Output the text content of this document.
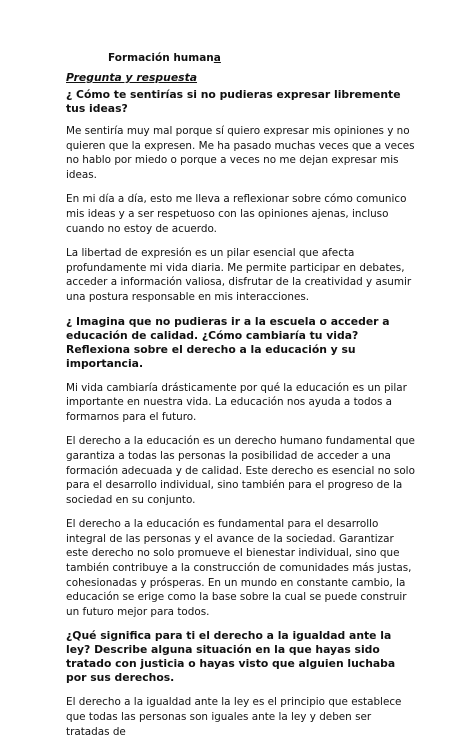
Formación humana

Pregunta y respuesta

¿ Cómo te sentirías si no pudieras expresar libremente tus ideas?

Me sentiría muy mal porque sí quiero expresar mis opiniones y no quieren que la expresen. Me ha pasado muchas veces que a veces no hablo por miedo o porque a veces no me dejan expresar mis ideas.

En mi día a día, esto me lleva a reflexionar sobre cómo comunico mis ideas y a ser respetuoso con las opiniones ajenas, incluso cuando no estoy de acuerdo.

La libertad de expresión es un pilar esencial que afecta profundamente mi vida diaria. Me permite participar en debates, acceder a información valiosa, disfrutar de la creatividad y asumir una postura responsable en mis interacciones.

¿ Imagina que no pudieras ir a la escuela o acceder a educación de calidad. ¿Cómo cambiaría tu vida? Reflexiona sobre el derecho a la educación y su importancia.

Mi vida cambiaría drásticamente por qué la educación es un pilar importante en nuestra vida. La educación nos ayuda a todos a formarnos para el futuro.

El derecho a la educación es un derecho humano fundamental que garantiza a todas las personas la posibilidad de acceder a una formación adecuada y de calidad. Este derecho es esencial no solo para el desarrollo individual, sino también para el progreso de la sociedad en su conjunto.

El derecho a la educación es fundamental para el desarrollo integral de las personas y el avance de la sociedad. Garantizar este derecho no solo promueve el bienestar individual, sino que también contribuye a la construcción de comunidades más justas, cohesionadas y prósperas. En un mundo en constante cambio, la educación se erige como la base sobre la cual se puede construir un futuro mejor para todos.

¿Qué significa para ti el derecho a la igualdad ante la ley? Describe alguna situación en la que hayas sido tratado con justicia o hayas visto que alguien luchaba por sus derechos.

El derecho a la igualdad ante la ley es el principio que establece que todas las personas son iguales ante la ley y deben ser tratadas de
